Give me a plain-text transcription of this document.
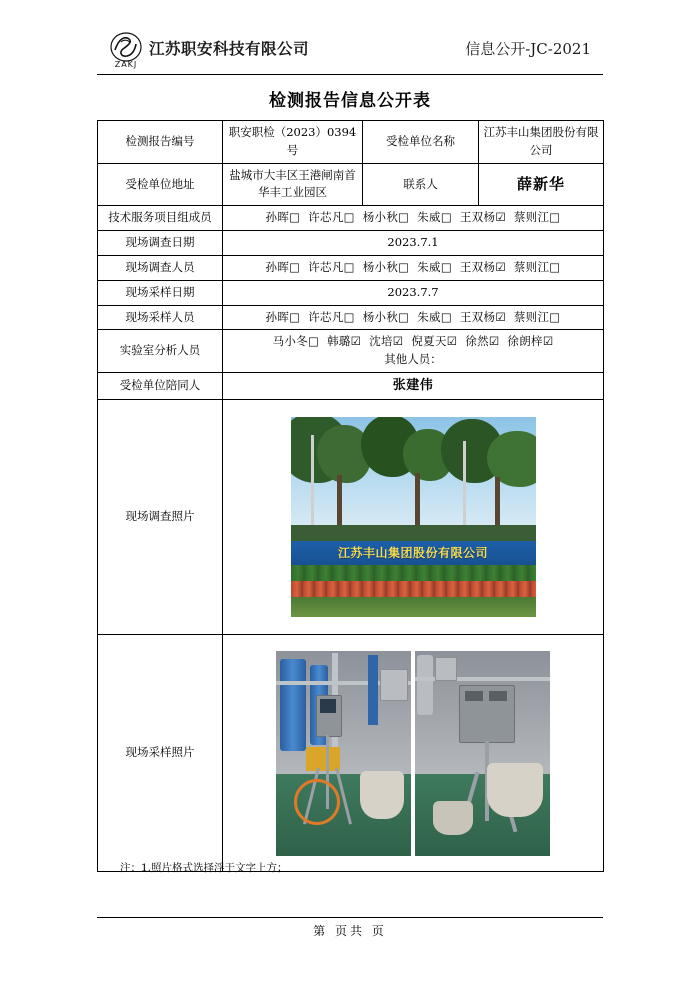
ZAKJ
江苏职安科技有限公司	信息公开-JC-2021
检测报告信息公开表
检测报告编号	职安职检（2023）0394 号	受检单位名称	江苏丰山集团股份有限公司
受检单位地址	盐城市大丰区王港闸南首华丰工业园区	联系人	薛新华
技术服务项目组成员	孙晖□ 许芯凡□ 杨小秋□ 朱威□ 王双杨☑ 蔡则江□		
现场调查日期	2023.7.1		
现场调查人员	孙晖□ 许芯凡□ 杨小秋□ 朱威□ 王双杨☑ 蔡则江□		
现场采样日期	2023.7.7		
现场采样人员	孙晖□ 许芯凡□ 杨小秋□ 朱威□ 王双杨☑ 蔡则江□		
实验室分析人员	马小冬□ 韩璐☑ 沈培☑ 倪夏天☑ 徐然☑ 徐朗梓☑
其他人员：		

受检单位陪同人	张建伟		
现场调查照片	江苏丰山集团股份有限公司		

现场采样照片			
注：1.照片格式选择浮于文字上方；
第 页共 页
